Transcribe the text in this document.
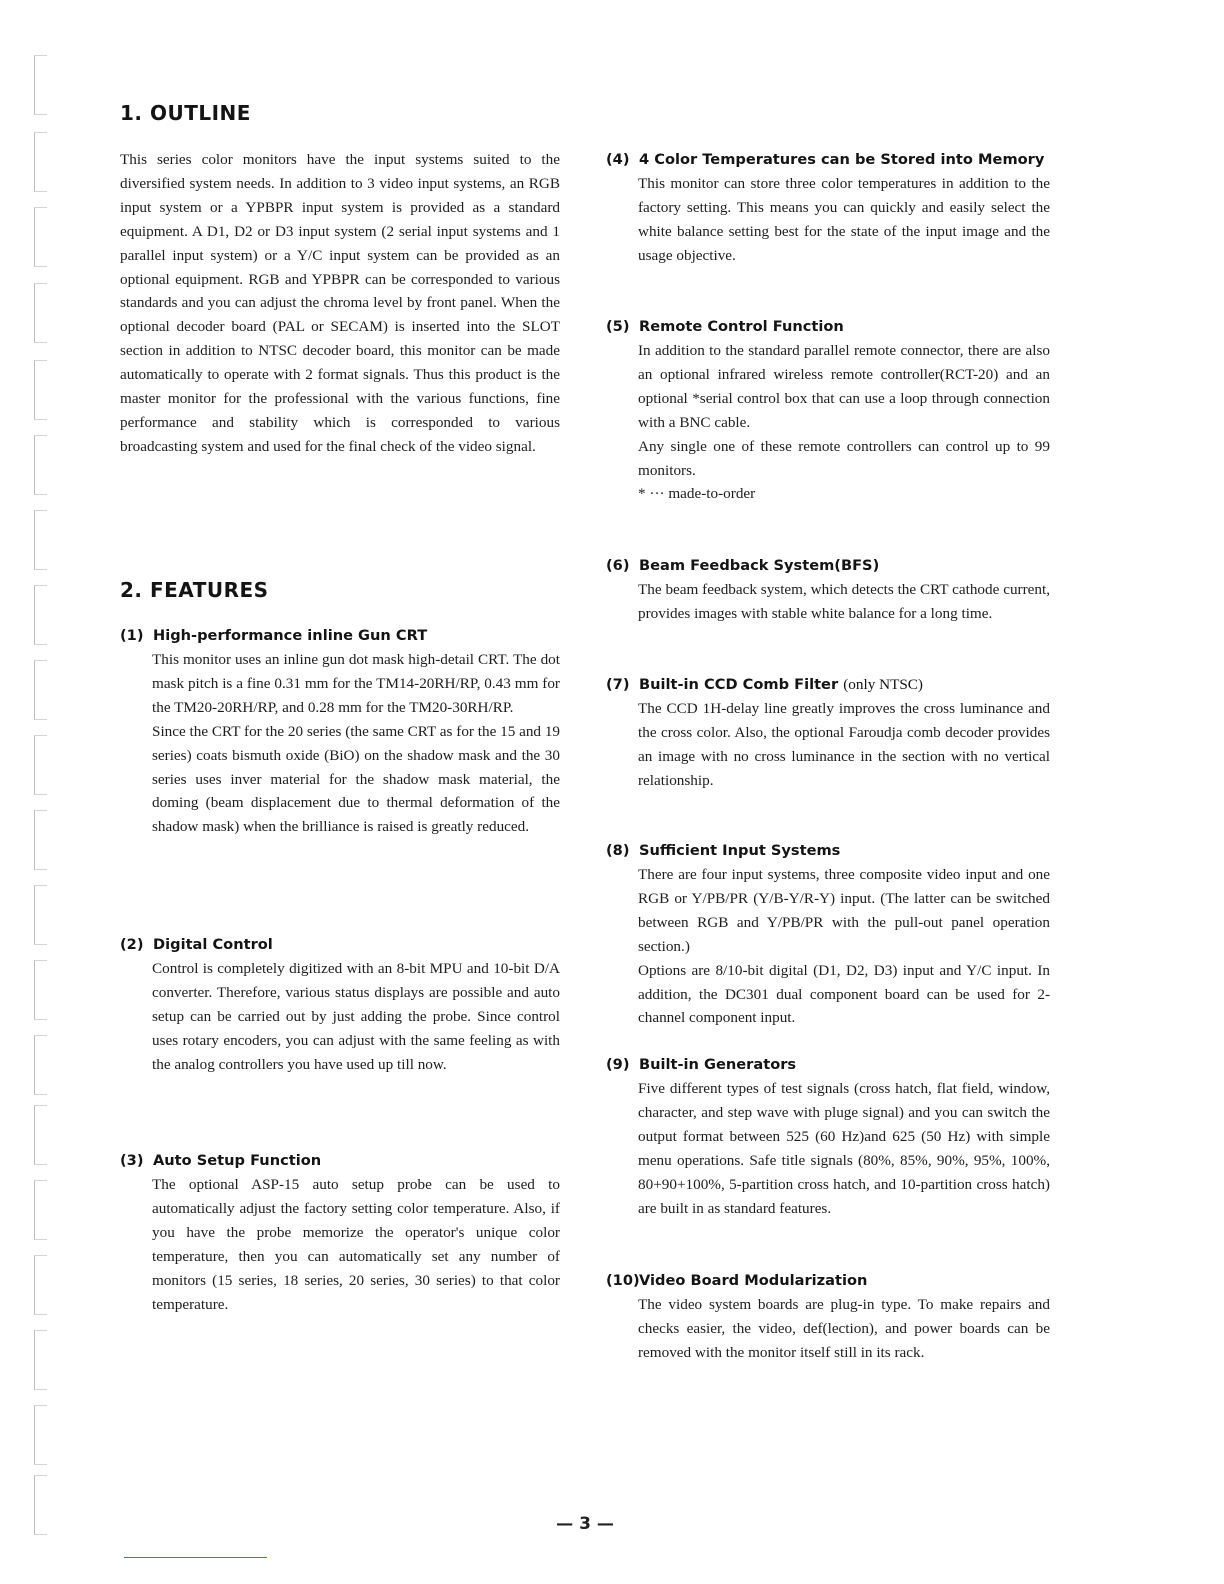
1. OUTLINE

This series color monitors have the input systems suited to the diversified system needs. In addition to 3 video input systems, an RGB input system or a YPBPR input system is provided as a standard equipment. A D1, D2 or D3 input system (2 serial input systems and 1 parallel input system) or a Y/C input system can be provided as an optional equipment. RGB and YPBPR can be corresponded to various standards and you can adjust the chroma level by front panel. When the optional decoder board (PAL or SECAM) is inserted into the SLOT section in addition to NTSC decoder board, this monitor can be made automatically to operate with 2 format signals. Thus this product is the master monitor for the professional with the various functions, fine performance and stability which is corresponded to various broadcasting system and used for the final check of the video signal.

2. FEATURES
(1) High-performance inline Gun CRT

This monitor uses an inline gun dot mask high-detail CRT. The dot mask pitch is a fine 0.31 mm for the TM14-20RH/RP, 0.43 mm for the TM20-20RH/RP, and 0.28 mm for the TM20-30RH/RP.

Since the CRT for the 20 series (the same CRT as for the 15 and 19 series) coats bismuth oxide (BiO) on the shadow mask and the 30 series uses inver material for the shadow mask material, the doming (beam displacement due to thermal deformation of the shadow mask) when the brilliance is raised is greatly reduced.

(2) Digital Control

Control is completely digitized with an 8-bit MPU and 10-bit D/A converter. Therefore, various status displays are possible and auto setup can be carried out by just adding the probe. Since control uses rotary encoders, you can adjust with the same feeling as with the analog controllers you have used up till now.

(3) Auto Setup Function

The optional ASP-15 auto setup probe can be used to automatically adjust the factory setting color temperature. Also, if you have the probe memorize the operator's unique color temperature, then you can automatically set any number of monitors (15 series, 18 series, 20 series, 30 series) to that color temperature.

(4) 4 Color Temperatures can be Stored into Memory

This monitor can store three color temperatures in addition to the factory setting. This means you can quickly and easily select the white balance setting best for the state of the input image and the usage objective.

(5) Remote Control Function

In addition to the standard parallel remote connector, there are also an optional infrared wireless remote controller(RCT-20) and an optional *serial control box that can use a loop through connection with a BNC cable.

Any single one of these remote controllers can control up to 99 monitors.

* ··· made-to-order

(6) Beam Feedback System(BFS)

The beam feedback system, which detects the CRT cathode current, provides images with stable white balance for a long time.

(7) Built-in CCD Comb Filter (only NTSC)

The CCD 1H-delay line greatly improves the cross luminance and the cross color. Also, the optional Faroudja comb decoder provides an image with no cross luminance in the section with no vertical relationship.

(8) Sufficient Input Systems

There are four input systems, three composite video input and one RGB or Y/PB/PR (Y/B-Y/R-Y) input. (The latter can be switched between RGB and Y/PB/PR with the pull-out panel operation section.)

Options are 8/10-bit digital (D1, D2, D3) input and Y/C input. In addition, the DC301 dual component board can be used for 2-channel component input.

(9) Built-in Generators

Five different types of test signals (cross hatch, flat field, window, character, and step wave with pluge signal) and you can switch the output format between 525 (60 Hz)and 625 (50 Hz) with simple menu operations. Safe title signals (80%, 85%, 90%, 95%, 100%, 80+90+100%, 5-partition cross hatch, and 10-partition cross hatch) are built in as standard features.

(10)Video Board Modularization

The video system boards are plug-in type. To make repairs and checks easier, the video, def(lection), and power boards can be removed with the monitor itself still in its rack.

— 3 —
